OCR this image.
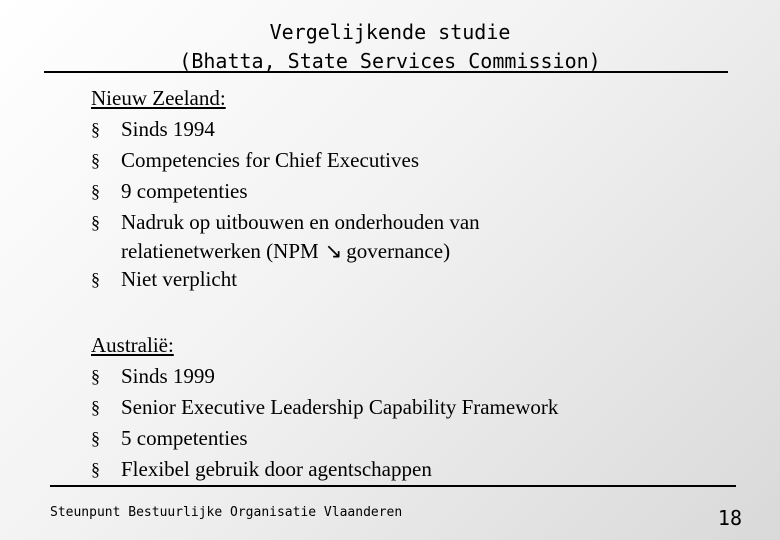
Vergelijkende studie
(Bhatta, State Services Commission)
Nieuw Zeeland:
§ Sinds 1994
§ Competencies for Chief Executives
§ 9 competenties
§ Nadruk op uitbouwen en onderhouden van
relatienetwerken (NPM ↘ governance)
§ Niet verplicht
Australië:
§ Sinds 1999
§ Senior Executive Leadership Capability Framework
§ 5 competenties
§ Flexibel gebruik door agentschappen
Steunpunt Bestuurlijke Organisatie Vlaanderen	18
